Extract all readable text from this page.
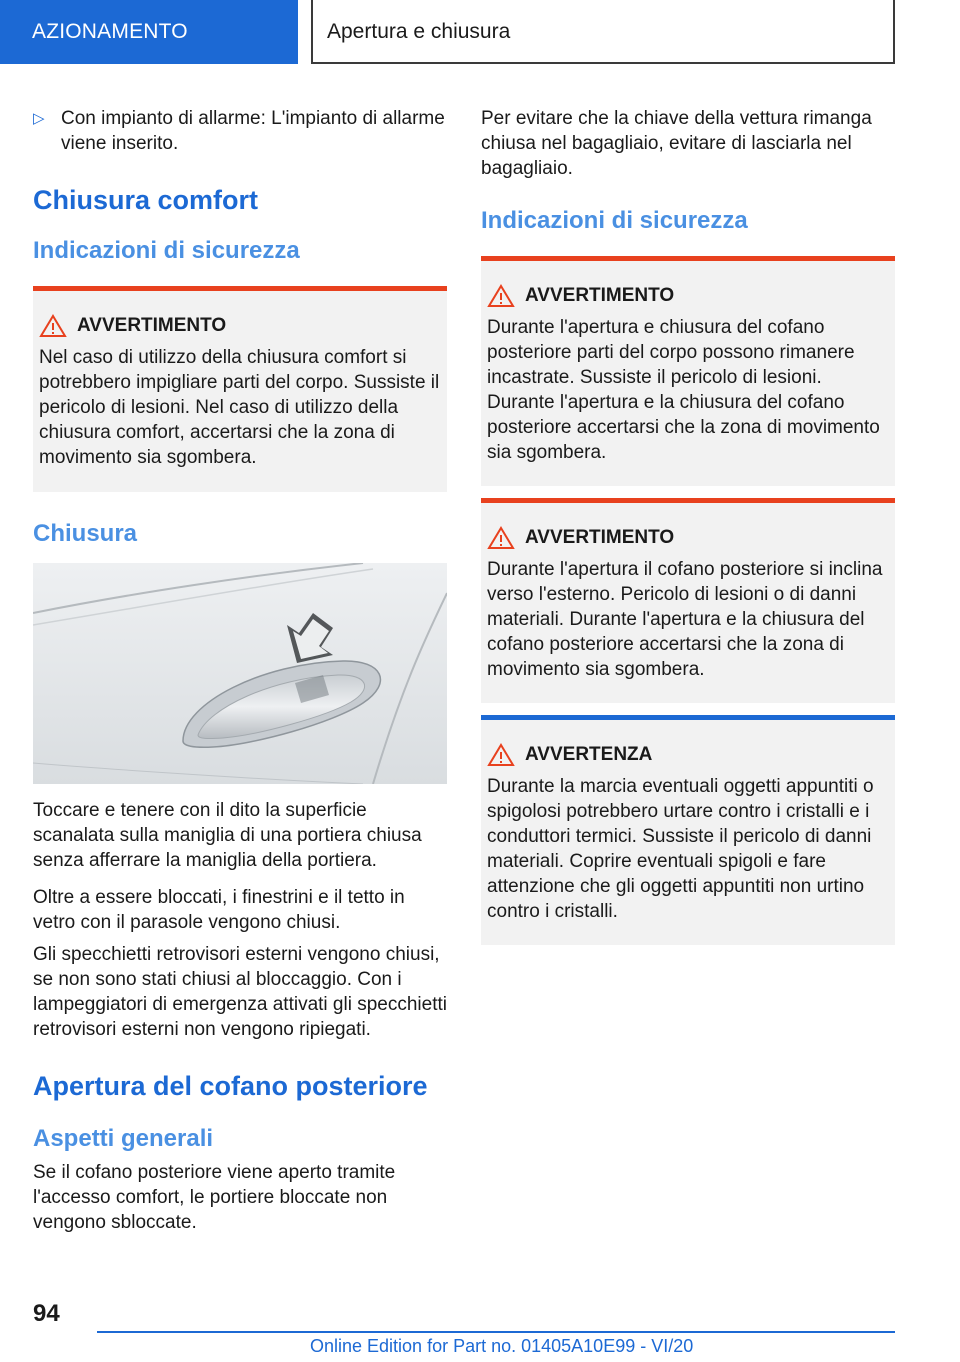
AZIONAMENTO	Apertura e chiusura
▷ Con impianto di allarme: L'impianto di allarme viene inserito.

Chiusura comfort
Indicazioni di sicurezza
AVVERTIMENTO

Nel caso di utilizzo della chiusura comfort si potrebbero impigliare parti del corpo. Sussiste il pericolo di lesioni. Nel caso di utilizzo della chiusura comfort, accertarsi che la zona di movimento sia sgombera.

Chiusura

Toccare e tenere con il dito la superficie scanalata sulla maniglia di una portiera chiusa senza afferrare la maniglia della portiera.

Oltre a essere bloccati, i finestrini e il tetto in vetro con il parasole vengono chiusi.

Gli specchietti retrovisori esterni vengono chiusi, se non sono stati chiusi al bloccaggio. Con i lampeggiatori di emergenza attivati gli specchietti retrovisori esterni non vengono ripiegati.

Apertura del cofano posteriore
Aspetti generali

Se il cofano posteriore viene aperto tramite l'accesso comfort, le portiere bloccate non vengono sbloccate.

Per evitare che la chiave della vettura rimanga chiusa nel bagagliaio, evitare di lasciarla nel bagagliaio.

Indicazioni di sicurezza
AVVERTIMENTO

Durante l'apertura e chiusura del cofano posteriore parti del corpo possono rimanere incastrate. Sussiste il pericolo di lesioni. Durante l'apertura e la chiusura del cofano posteriore accertarsi che la zona di movimento sia sgombera.

AVVERTIMENTO

Durante l'apertura il cofano posteriore si inclina verso l'esterno. Pericolo di lesioni o di danni materiali. Durante l'apertura e la chiusura del cofano posteriore accertarsi che la zona di movimento sia sgombera.

AVVERTENZA

Durante la marcia eventuali oggetti appuntiti o spigolosi potrebbero urtare contro i cristalli e i conduttori termici. Sussiste il pericolo di danni materiali. Coprire eventuali spigoli e fare attenzione che gli oggetti appuntiti non urtino contro i cristalli.

94
Online Edition for Part no. 01405A10E99 - VI/20
